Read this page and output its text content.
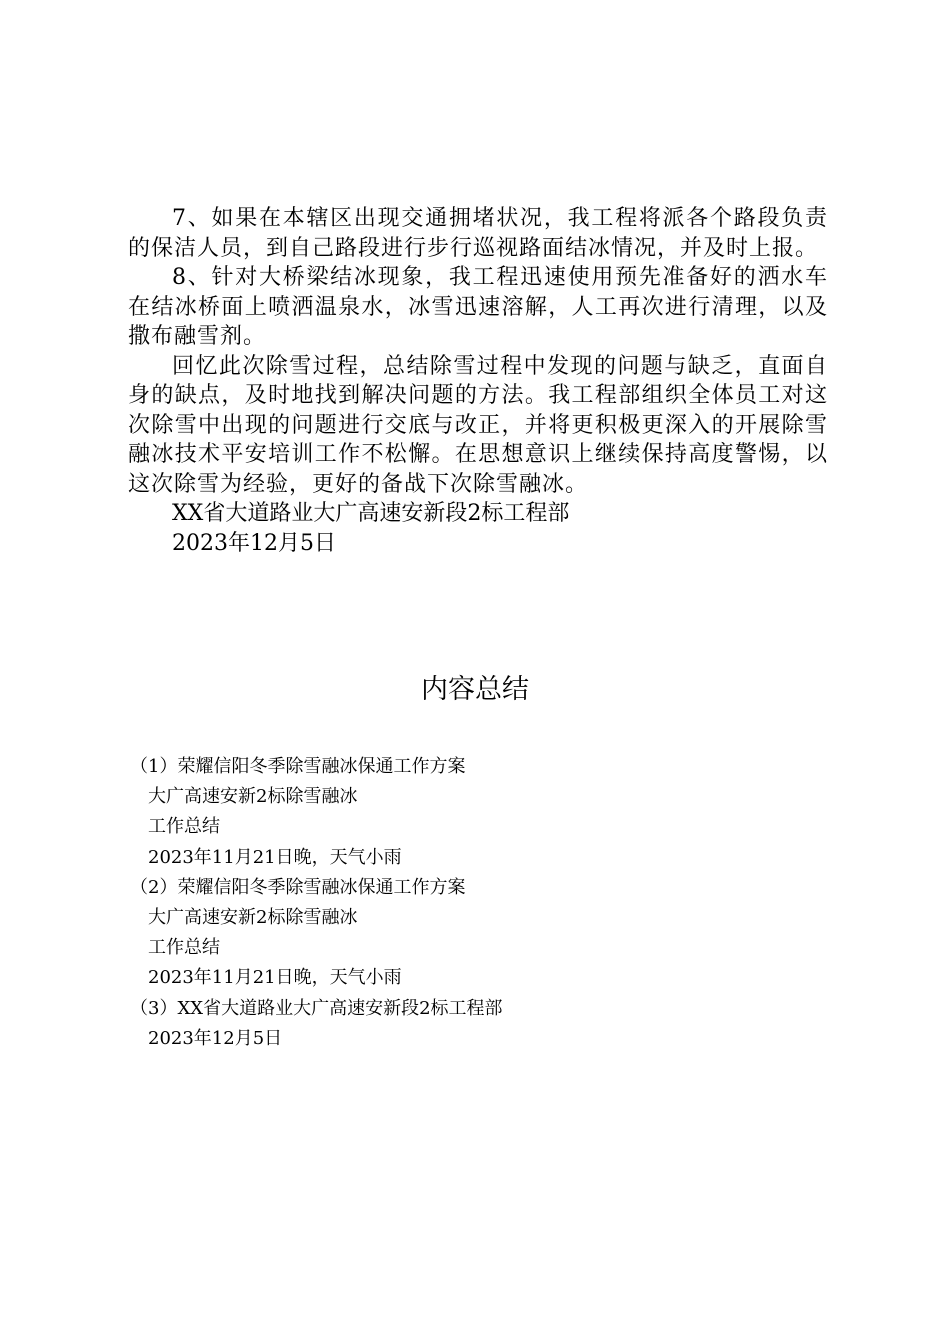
7、如果在本辖区出现交通拥堵状况，我工程将派各个路段负责的保洁人员，到自己路段进行步行巡视路面结冰情况，并及时上报。

8、针对大桥梁结冰现象，我工程迅速使用预先准备好的洒水车在结冰桥面上喷洒温泉水，冰雪迅速溶解，人工再次进行清理，以及撒布融雪剂。

回忆此次除雪过程，总结除雪过程中发现的问题与缺乏，直面自身的缺点，及时地找到解决问题的方法。我工程部组织全体员工对这次除雪中出现的问题进行交底与改正，并将更积极更深入的开展除雪融冰技术平安培训工作不松懈。在思想意识上继续保持高度警惕，以这次除雪为经验，更好的备战下次除雪融冰。

XX省大道路业大广高速安新段2标工程部

2023年12月5日

内容总结

（1）荣耀信阳冬季除雪融冰保通工作方案

大广高速安新2标除雪融冰

工作总结

2023年11月21日晚，天气小雨

（2）荣耀信阳冬季除雪融冰保通工作方案

大广高速安新2标除雪融冰

工作总结

2023年11月21日晚，天气小雨

（3）XX省大道路业大广高速安新段2标工程部

2023年12月5日
